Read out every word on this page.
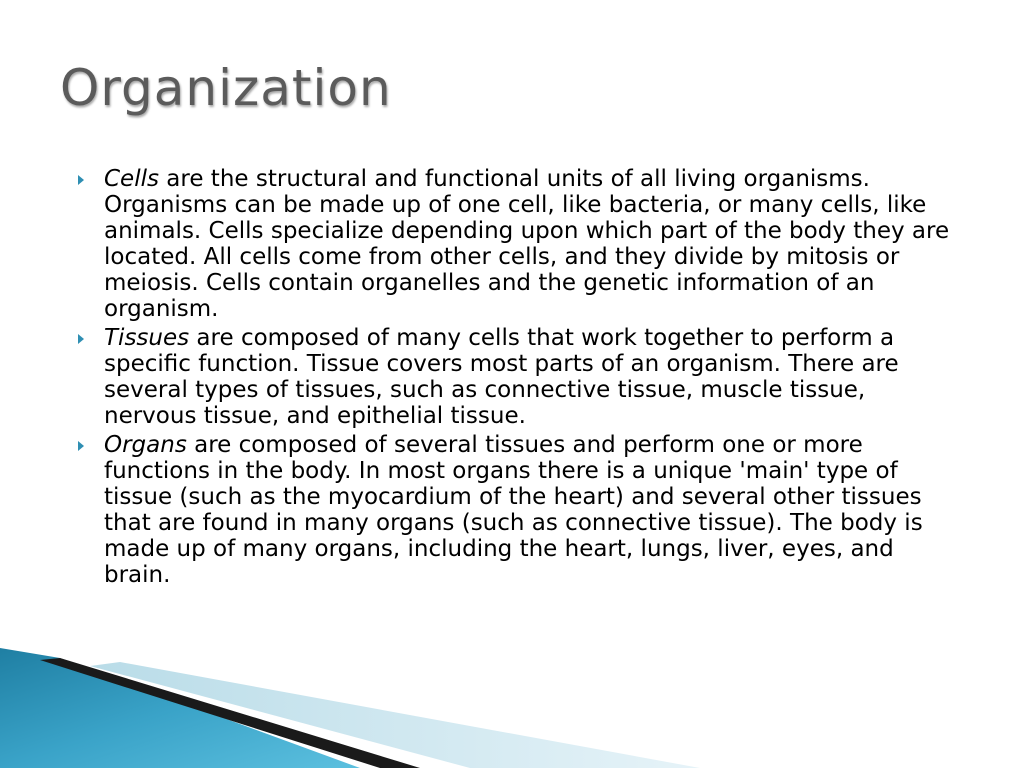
Organization
Cells are the structural and functional units of all living organisms. Organisms can be made up of one cell, like bacteria, or many cells, like animals. Cells specialize depending upon which part of the body they are located. All cells come from other cells, and they divide by mitosis or meiosis. Cells contain organelles and the genetic information of an organism.
Tissues are composed of many cells that work together to perform a specific function. Tissue covers most parts of an organism. There are several types of tissues, such as connective tissue, muscle tissue, nervous tissue, and epithelial tissue.
Organs are composed of several tissues and perform one or more functions in the body. In most organs there is a unique 'main' type of tissue (such as the myocardium of the heart) and several other tissues that are found in many organs (such as connective tissue). The body is made up of many organs, including the heart, lungs, liver, eyes, and brain.
